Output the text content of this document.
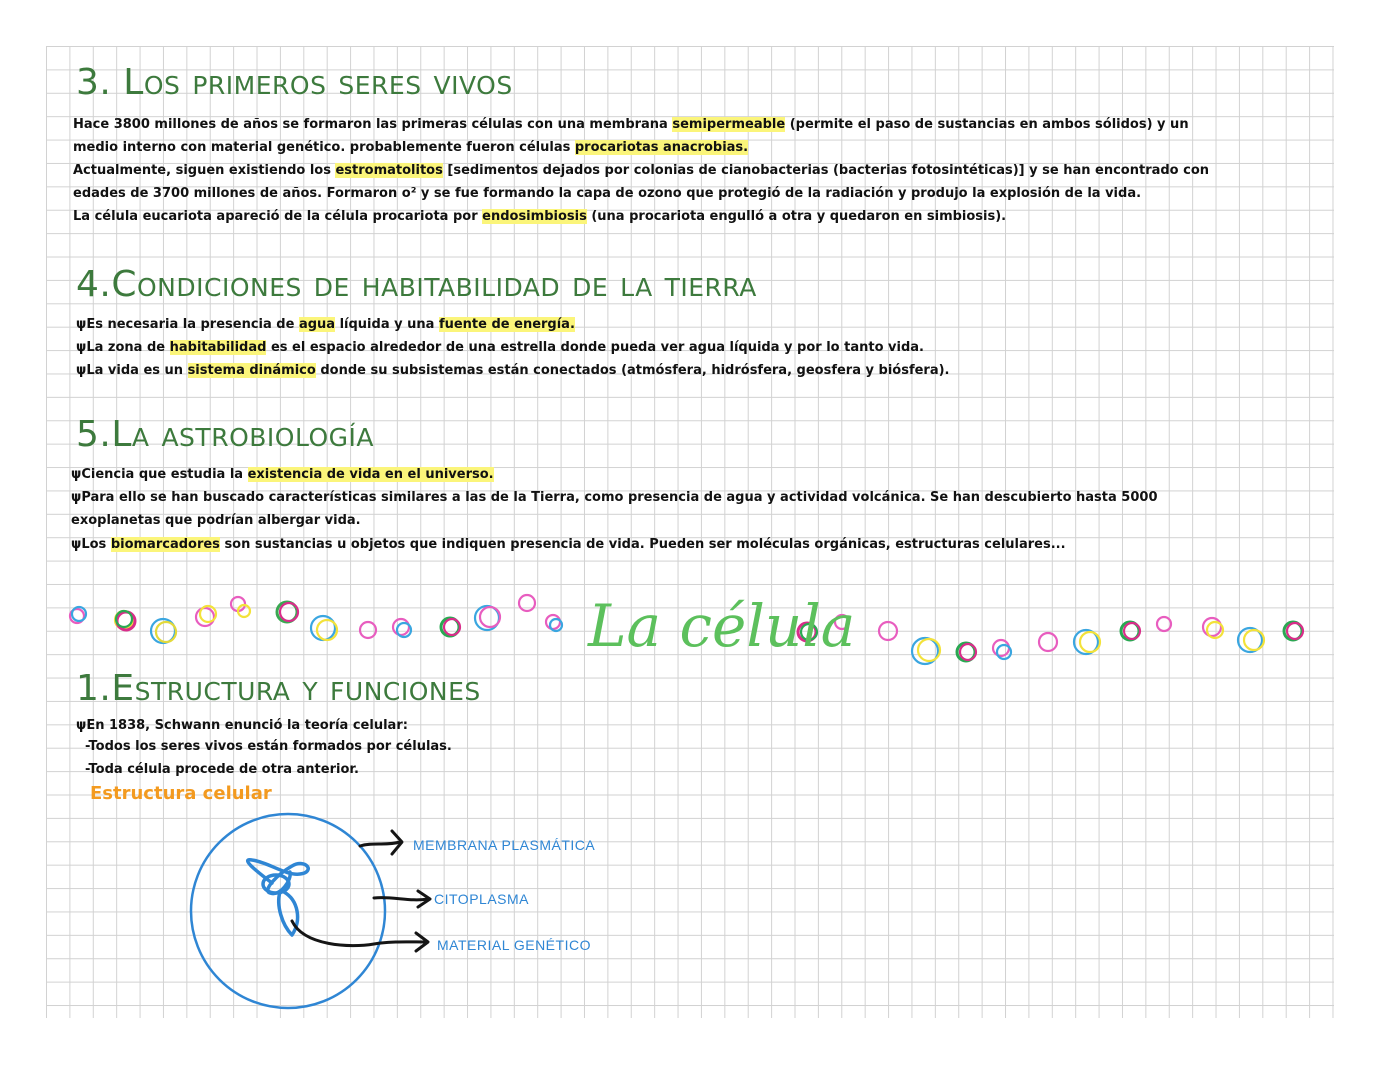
3. Los primeros seres vivos

Hace 3800 millones de años se formaron las primeras células con una membrana semipermeable (permite el paso de sustancias en ambos sólidos) y un

medio interno con material genético. probablemente fueron células procariotas anacrobias.

Actualmente, siguen existiendo los estromatolitos [sedimentos dejados por colonias de cianobacterias (bacterias fotosintéticas)] y se han encontrado con

edades de 3700 millones de años. Formaron o² y se fue formando la capa de ozono que protegió de la radiación y produjo la explosión de la vida.

La célula eucariota apareció de la célula procariota por endosimbiosis (una procariota engulló a otra y quedaron en simbiosis).

4.Condiciones de habitabilidad de la tierra

ψEs necesaria la presencia de agua líquida y una fuente de energía.

ψLa zona de habitabilidad es el espacio alrededor de una estrella donde pueda ver agua líquida y por lo tanto vida.

ψLa vida es un sistema dinámico donde su subsistemas están conectados (atmósfera, hidrósfera, geosfera y biósfera).

5.La astrobiología

ψCiencia que estudia la existencia de vida en el universo.

ψPara ello se han buscado características similares a las de la Tierra, como presencia de agua y actividad volcánica. Se han descubierto hasta 5000

exoplanetas que podrían albergar vida.

ψLos biomarcadores son sustancias u objetos que indiquen presencia de vida. Pueden ser moléculas orgánicas, estructuras celulares...

La célula
1.Estructura y funciones

ψEn 1838, Schwann enunció la teoría celular:

-Todos los seres vivos están formados por células.

-Toda célula procede de otra anterior.

Estructura celular
MEMBRANA PLASMÁTICA
CITOPLASMA
MATERIAL GENÉTICO
